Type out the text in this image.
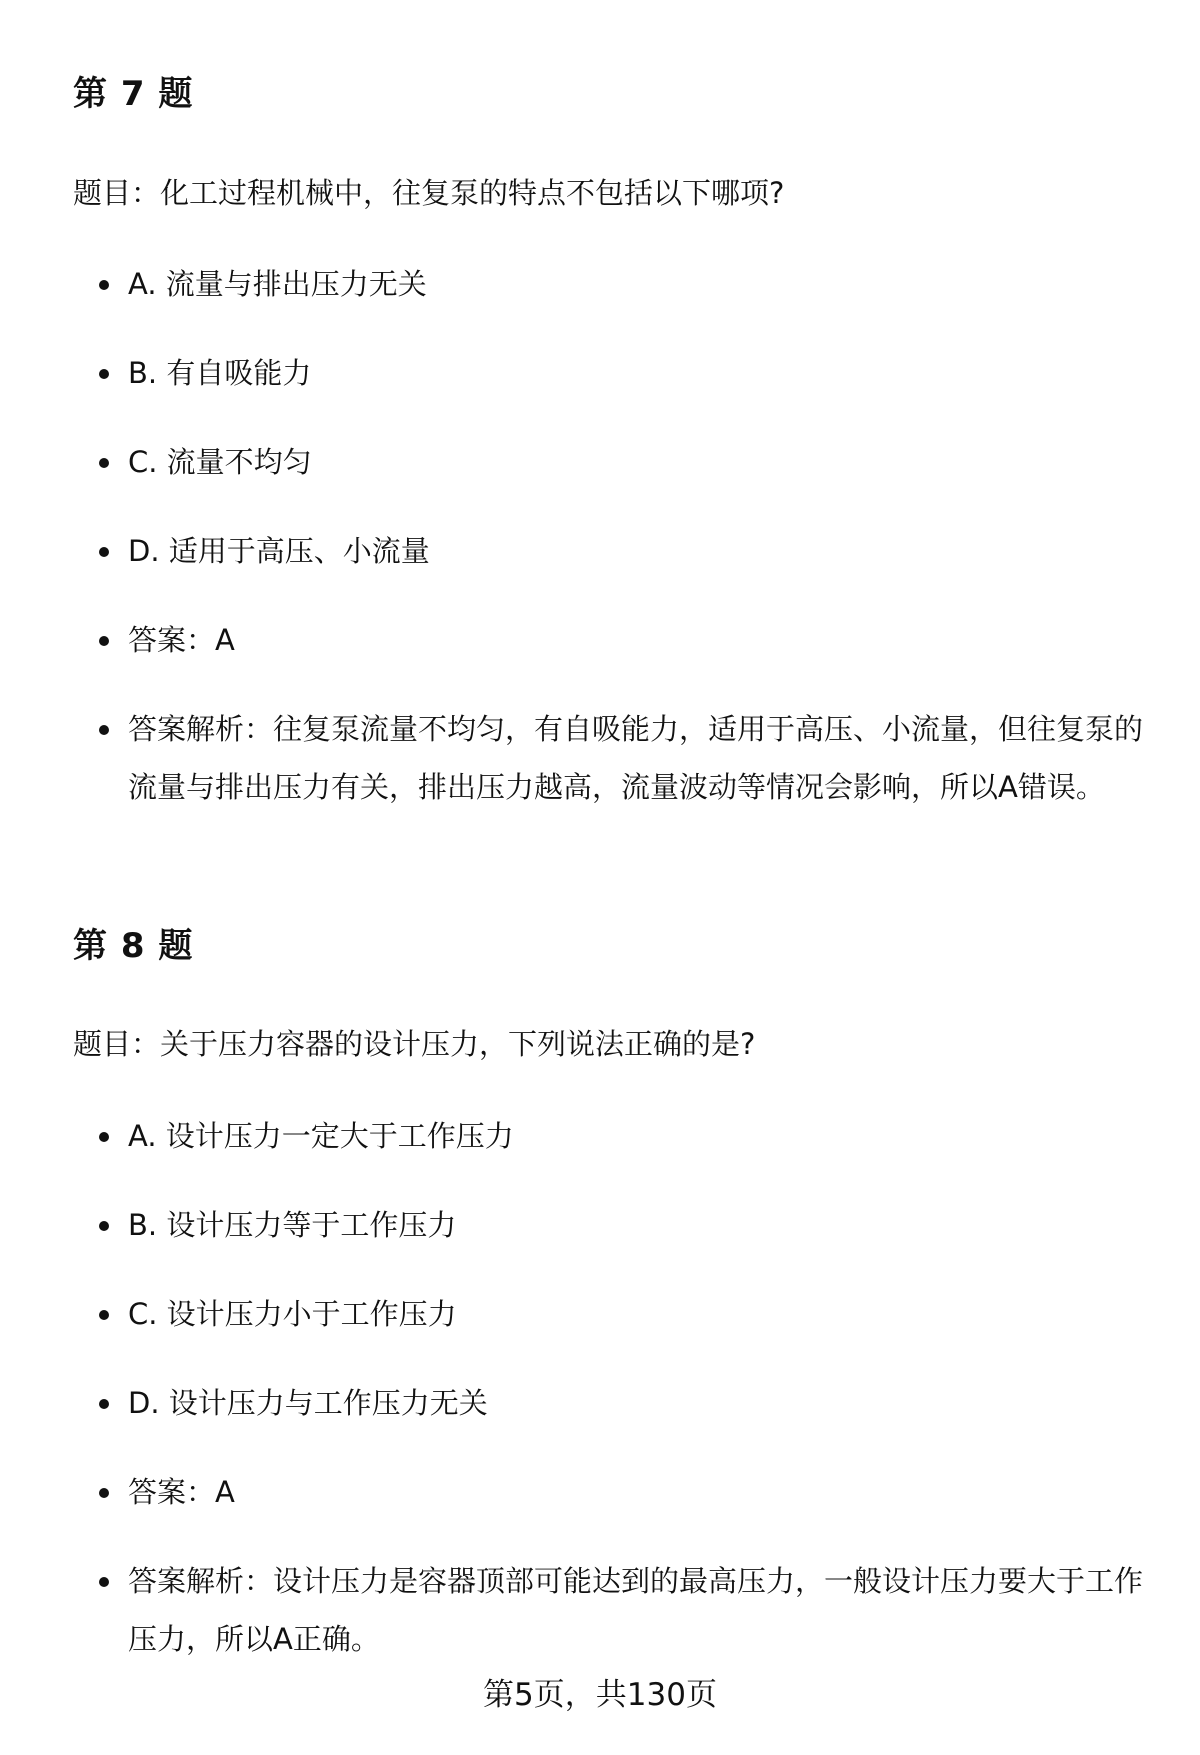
第 7 题

题目：化工过程机械中，往复泵的特点不包括以下哪项?

A. 流量与排出压力无关
B. 有自吸能力
C. 流量不均匀
D. 适用于高压、小流量
答案：A
答案解析：往复泵流量不均匀，有自吸能力，适用于高压、小流量，但往复泵的流量与排出压力有关，排出压力越高，流量波动等情况会影响，所以A错误。
第 8 题

题目：关于压力容器的设计压力，下列说法正确的是?

A. 设计压力一定大于工作压力
B. 设计压力等于工作压力
C. 设计压力小于工作压力
D. 设计压力与工作压力无关
答案：A
答案解析：设计压力是容器顶部可能达到的最高压力，一般设计压力要大于工作压力，所以A正确。
第5页，共130页
